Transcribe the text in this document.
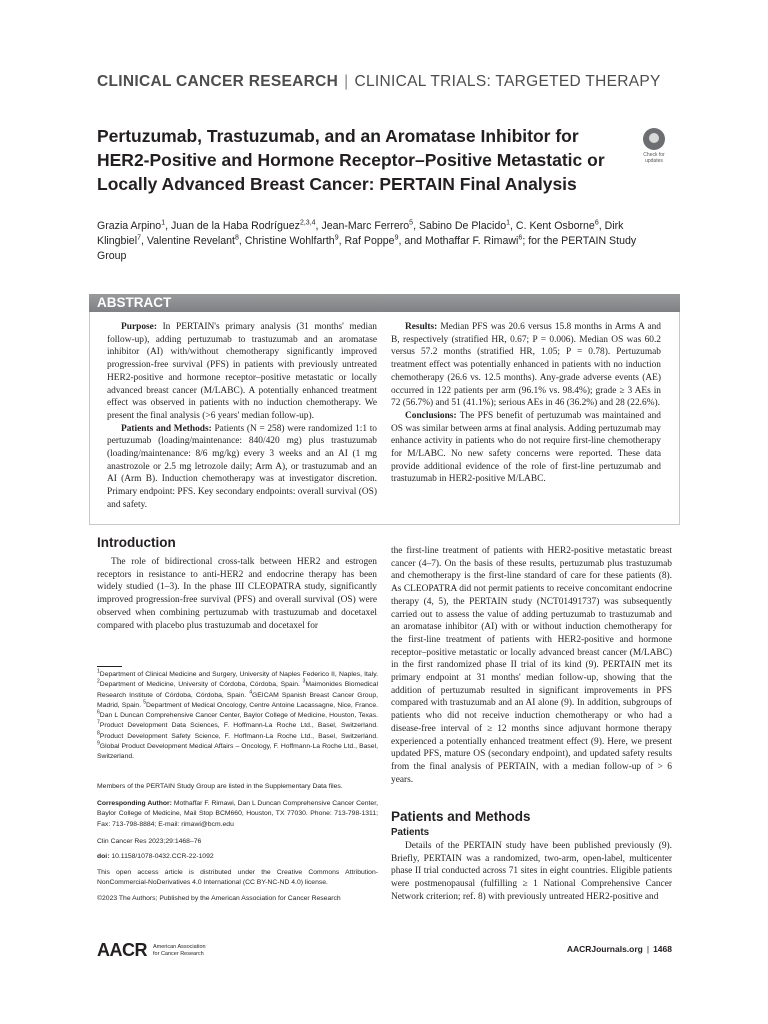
CLINICAL CANCER RESEARCH | CLINICAL TRIALS: TARGETED THERAPY
Pertuzumab, Trastuzumab, and an Aromatase Inhibitor for HER2-Positive and Hormone Receptor–Positive Metastatic or Locally Advanced Breast Cancer: PERTAIN Final Analysis
Check for updates
Grazia Arpino$^1$, Juan de la Haba Rodríguez$^{2,3,4}$, Jean-Marc Ferrero$^5$, Sabino De Placido$^1$, C. Kent Osborne$^6$, Dirk Klingbiel$^7$, Valentine Revelant$^8$, Christine Wohlfarth$^9$, Raf Poppe$^9$, and Mothaffar F. Rimawi$^6$; for the PERTAIN Study Group
ABSTRACT

Purpose: In PERTAIN's primary analysis (31 months' median follow-up), adding pertuzumab to trastuzumab and an aromatase inhibitor (AI) with/without chemotherapy significantly improved progression-free survival (PFS) in patients with previously untreated HER2-positive and hormone receptor–positive metastatic or locally advanced breast cancer (M/LABC). A potentially enhanced treatment effect was observed in patients with no induction chemotherapy. We present the final analysis (>6 years' median follow-up).

Patients and Methods: Patients (N = 258) were randomized 1:1 to pertuzumab (loading/maintenance: 840/420 mg) plus trastuzumab (loading/maintenance: 8/6 mg/kg) every 3 weeks and an AI (1 mg anastrozole or 2.5 mg letrozole daily; Arm A), or trastuzumab and an AI (Arm B). Induction chemotherapy was at investigator discretion. Primary endpoint: PFS. Key secondary endpoints: overall survival (OS) and safety.

Results: Median PFS was 20.6 versus 15.8 months in Arms A and B, respectively (stratified HR, 0.67; P = 0.006). Median OS was 60.2 versus 57.2 months (stratified HR, 1.05; P = 0.78). Pertuzumab treatment effect was potentially enhanced in patients with no induction chemotherapy (26.6 vs. 12.5 months). Any-grade adverse events (AE) occurred in 122 patients per arm (96.1% vs. 98.4%); grade ≥ 3 AEs in 72 (56.7%) and 51 (41.1%); serious AEs in 46 (36.2%) and 28 (22.6%).

Conclusions: The PFS benefit of pertuzumab was maintained and OS was similar between arms at final analysis. Adding pertuzumab may enhance activity in patients who do not require first-line chemotherapy for M/LABC. No new safety concerns were reported. These data provide additional evidence of the role of first-line pertuzumab and trastuzumab in HER2-positive M/LABC.

Introduction

The role of bidirectional cross-talk between HER2 and estrogen receptors in resistance to anti-HER2 and endocrine therapy has been widely studied (1–3). In the phase III CLEOPATRA study, significantly improved progression-free survival (PFS) and overall survival (OS) were observed when combining pertuzumab with trastuzumab and docetaxel compared with placebo plus trastuzumab and docetaxel for

$^1$Department of Clinical Medicine and Surgery, University of Naples Federico II, Naples, Italy. $^2$Department of Medicine, University of Córdoba, Córdoba, Spain. $^3$Maimonides Biomedical Research Institute of Córdoba, Córdoba, Spain. $^4$GEICAM Spanish Breast Cancer Group, Madrid, Spain. $^5$Department of Medical Oncology, Centre Antoine Lacassagne, Nice, France. $^6$Dan L Duncan Comprehensive Cancer Center, Baylor College of Medicine, Houston, Texas. $^7$Product Development Data Sciences, F. Hoffmann-La Roche Ltd., Basel, Switzerland. $^8$Product Development Safety Science, F. Hoffmann-La Roche Ltd., Basel, Switzerland. $^9$Global Product Development Medical Affairs – Oncology, F. Hoffmann-La Roche Ltd., Basel, Switzerland.
Members of the PERTAIN Study Group are listed in the Supplementary Data files.
Corresponding Author: Mothaffar F. Rimawi, Dan L Duncan Comprehensive Cancer Center, Baylor College of Medicine, Mail Stop BCM660, Houston, TX 77030. Phone: 713-798-1311; Fax: 713-798-8884; E-mail: rimawi@bcm.edu
Clin Cancer Res 2023;29:1468–76
doi: 10.1158/1078-0432.CCR-22-1092
This open access article is distributed under the Creative Commons Attribution-NonCommercial-NoDerivatives 4.0 International (CC BY-NC-ND 4.0) license.
©2023 The Authors; Published by the American Association for Cancer Research

the first-line treatment of patients with HER2-positive metastatic breast cancer (4–7). On the basis of these results, pertuzumab plus trastuzumab and chemotherapy is the first-line standard of care for these patients (8). As CLEOPATRA did not permit patients to receive concomitant endocrine therapy (4, 5), the PERTAIN study (NCT01491737) was subsequently carried out to assess the value of adding pertuzumab to trastuzumab and an aromatase inhibitor (AI) with or without induction chemotherapy for the first-line treatment of patients with HER2-positive and hormone receptor–positive metastatic or locally advanced breast cancer (M/LABC) in the first randomized phase II trial of its kind (9). PERTAIN met its primary endpoint at 31 months' median follow-up, showing that the addition of pertuzumab resulted in significant improvements in PFS compared with trastuzumab and an AI alone (9). In addition, subgroups of patients who did not receive induction chemotherapy or who had a disease-free interval of ≥ 12 months since adjuvant hormone therapy experienced a potentially enhanced treatment effect (9). Here, we present updated PFS, mature OS (secondary endpoint), and updated safety results from the final analysis of PERTAIN, with a median follow-up of > 6 years.

Patients and Methods
Patients

Details of the PERTAIN study have been published previously (9). Briefly, PERTAIN was a randomized, two-arm, open-label, multicenter phase II trial conducted across 71 sites in eight countries. Eligible patients were postmenopausal (fulfilling ≥ 1 National Comprehensive Cancer Network criterion; ref. 8) with previously untreated HER2-positive and

AACR American Association
for Cancer Research	AACRJournals.org | 1468
